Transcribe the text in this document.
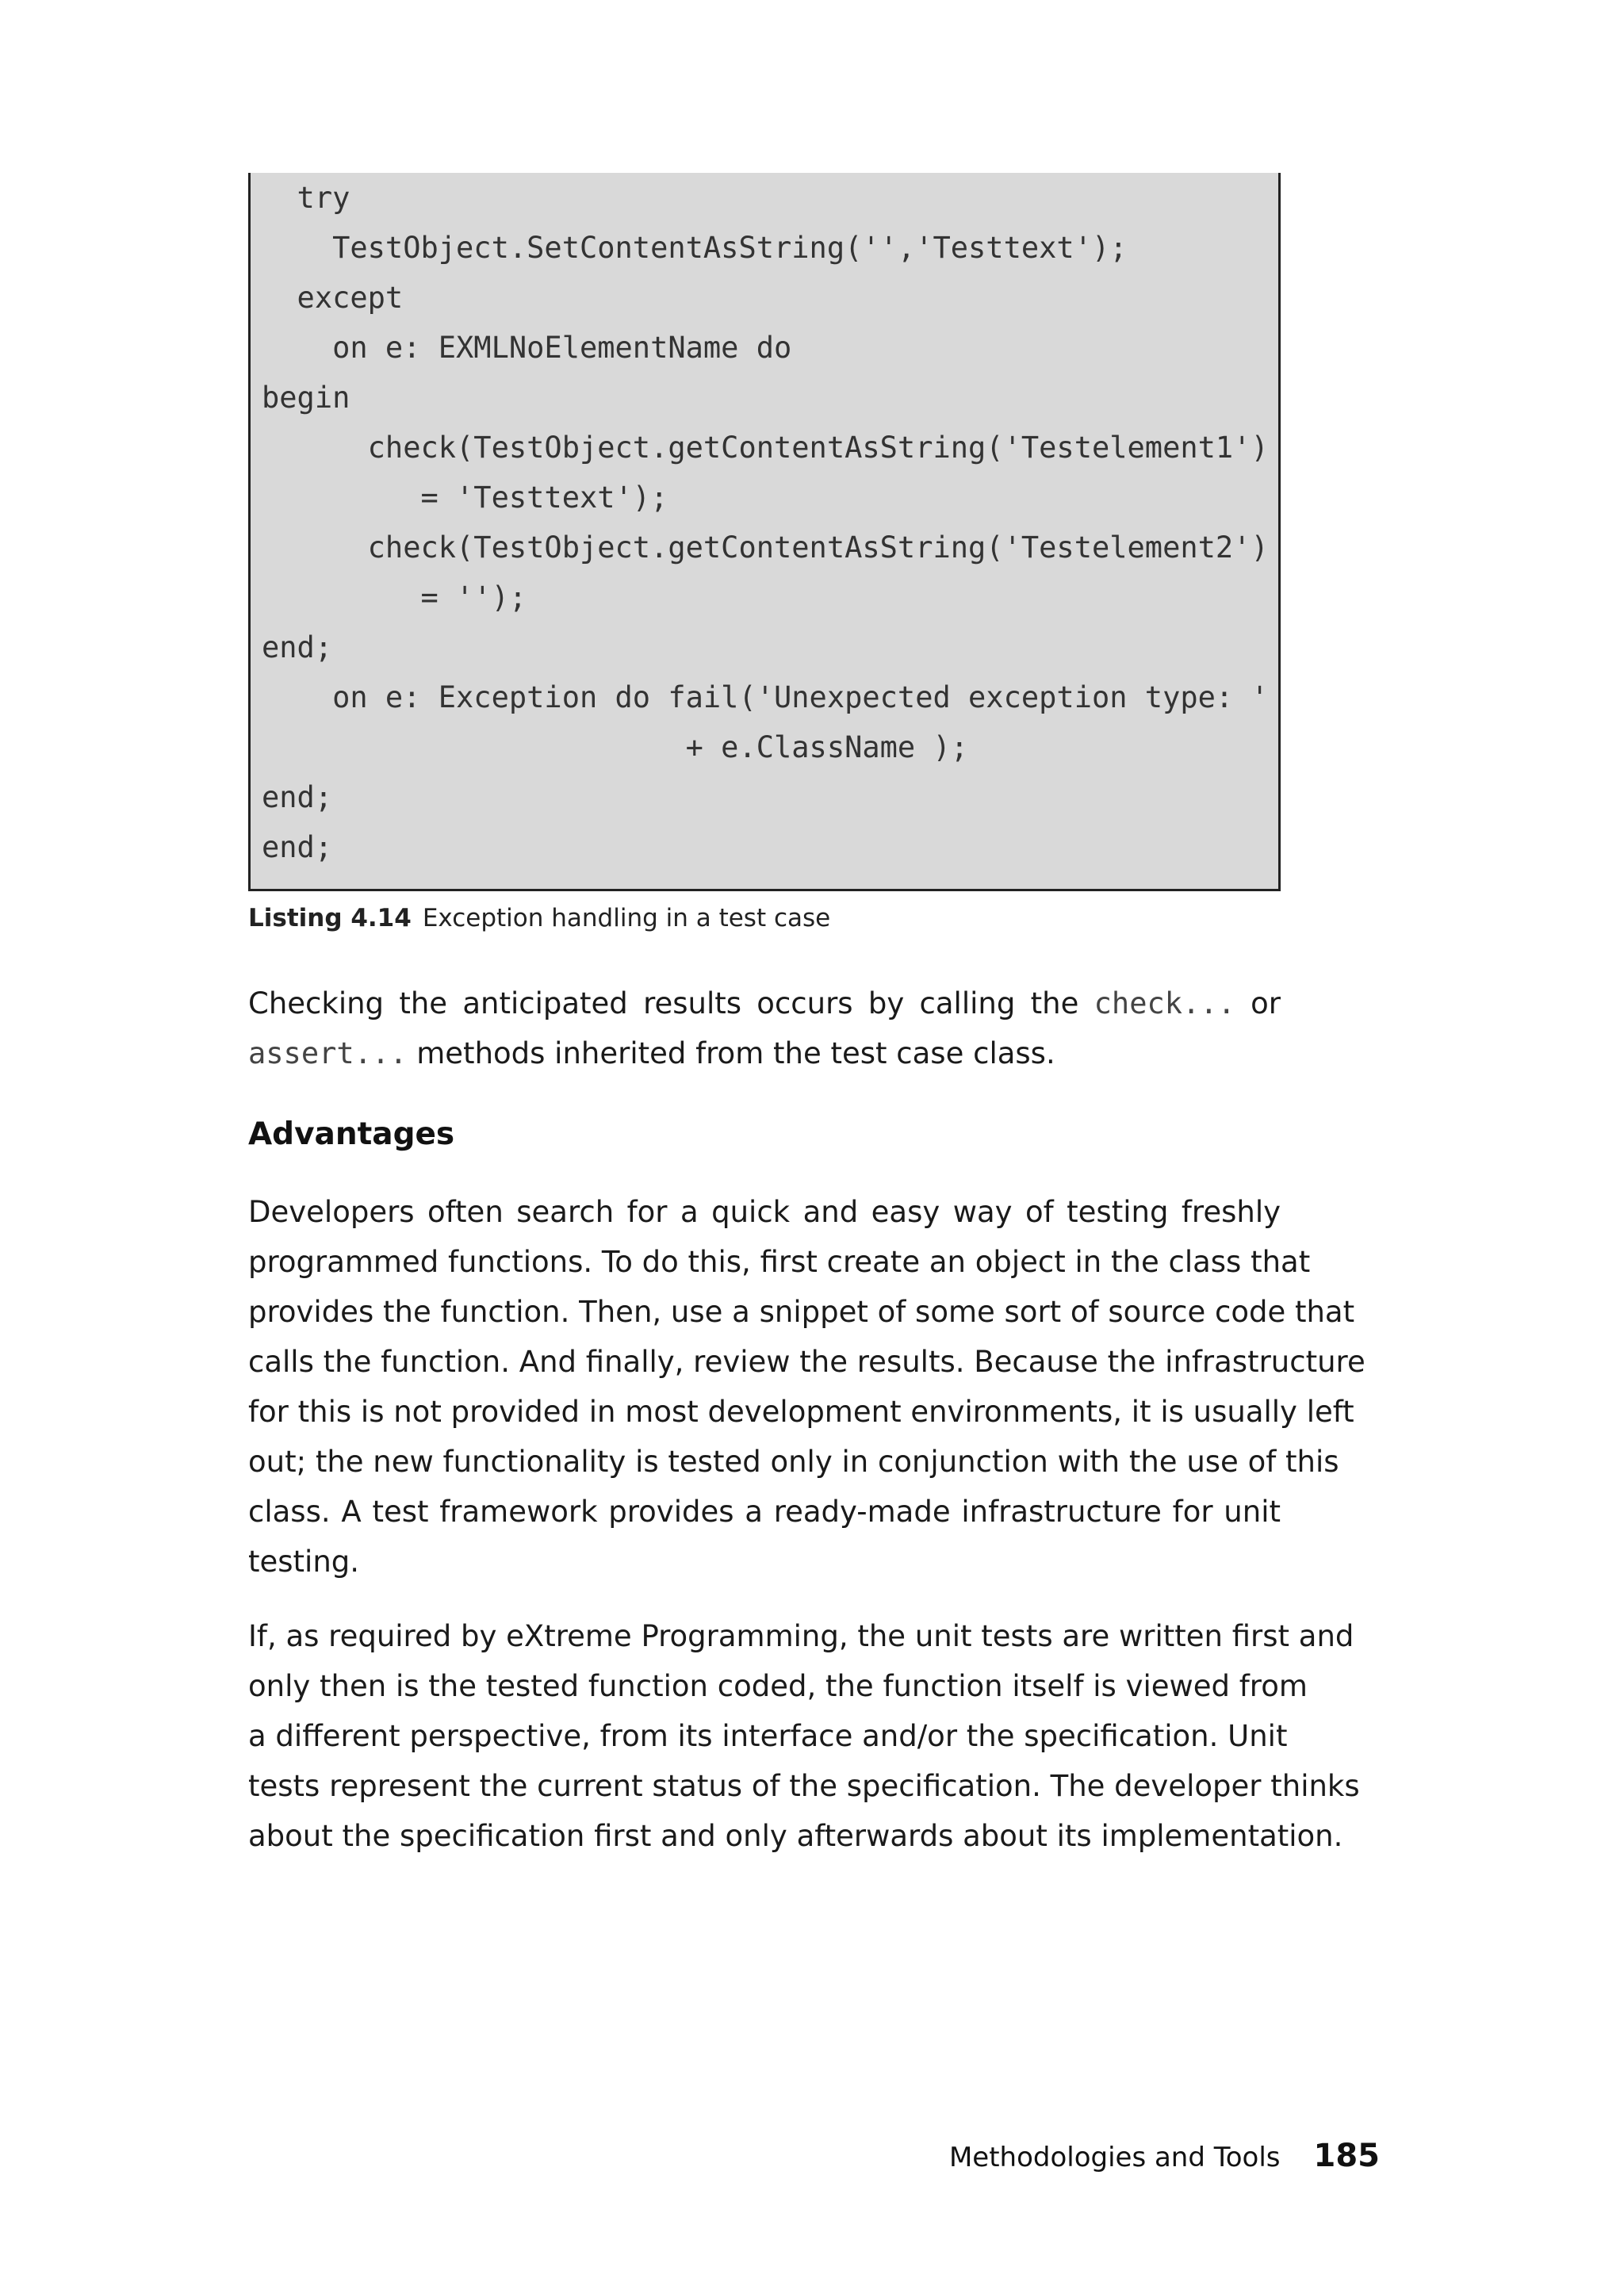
try
TestObject.SetContentAsString('','Testtext');
except
on e: EXMLNoElementName do
begin
check(TestObject.getContentAsString('Testelement1')
= 'Testtext');
check(TestObject.getContentAsString('Testelement2')
= '');
end;
on e: Exception do fail('Unexpected exception type: '
+ e.ClassName );
end;
end;
Listing 4.14 Exception handling in a test case
Checking the anticipated results occurs by calling the check... or
assert... methods inherited from the test case class.
Advantages
Developers often search for a quick and easy way of testing freshly
programmed functions. To do this, first create an object in the class that
provides the function. Then, use a snippet of some sort of source code that
calls the function. And finally, review the results. Because the infrastructure
for this is not provided in most development environments, it is usually left
out; the new functionality is tested only in conjunction with the use of this
class. A test framework provides a ready-made infrastructure for unit
testing.
If, as required by eXtreme Programming, the unit tests are written first and
only then is the tested function coded, the function itself is viewed from
a different perspective, from its interface and/or the specification. Unit
tests represent the current status of the specification. The developer thinks
about the specification first and only afterwards about its implementation.
Methodologies and Tools 185
